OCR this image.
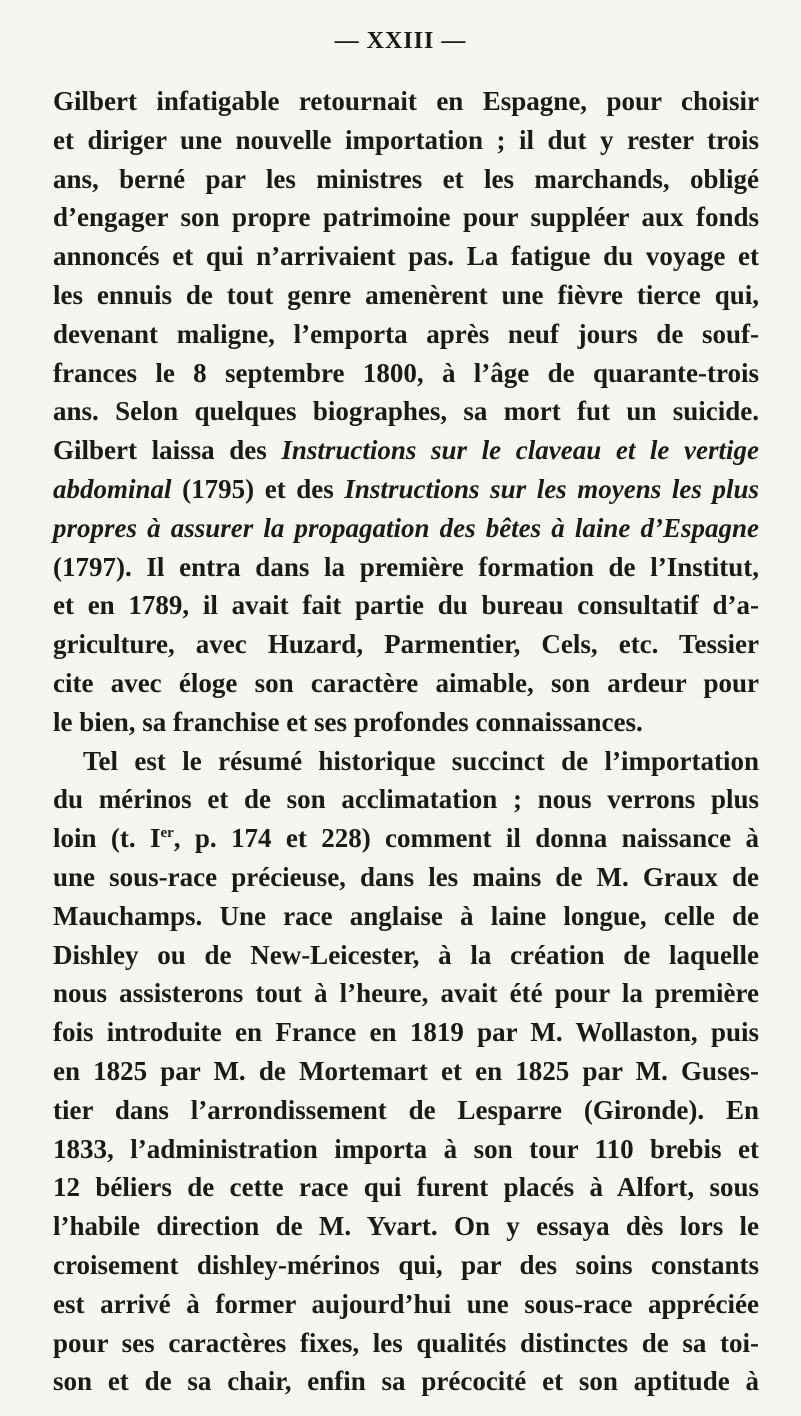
— XXIII —
Gilbert infatigable retournait en Espagne, pour choisir
et diriger une nouvelle importation ; il dut y rester trois
ans, berné par les ministres et les marchands, obligé
d’engager son propre patrimoine pour suppléer aux fonds
annoncés et qui n’arrivaient pas. La fatigue du voyage et
les ennuis de tout genre amenèrent une fièvre tierce qui,
devenant maligne, l’emporta après neuf jours de souf-
frances le 8 septembre 1800, à l’âge de quarante-trois
ans. Selon quelques biographes, sa mort fut un suicide.
Gilbert laissa des Instructions sur le claveau et le vertige
abdominal (1795) et des Instructions sur les moyens les plus
propres à assurer la propagation des bêtes à laine d’Espagne
(1797). Il entra dans la première formation de l’Institut,
et en 1789, il avait fait partie du bureau consultatif d’a-
griculture, avec Huzard, Parmentier, Cels, etc. Tessier
cite avec éloge son caractère aimable, son ardeur pour
le bien, sa franchise et ses profondes connaissances.
Tel est le résumé historique succinct de l’importation
du mérinos et de son acclimatation ; nous verrons plus
loin (t. Ier, p. 174 et 228) comment il donna naissance à
une sous-race précieuse, dans les mains de M. Graux de
Mauchamps. Une race anglaise à laine longue, celle de
Dishley ou de New-Leicester, à la création de laquelle
nous assisterons tout à l’heure, avait été pour la première
fois introduite en France en 1819 par M. Wollaston, puis
en 1825 par M. de Mortemart et en 1825 par M. Guses-
tier dans l’arrondissement de Lesparre (Gironde). En
1833, l’administration importa à son tour 110 brebis et
12 béliers de cette race qui furent placés à Alfort, sous
l’habile direction de M. Yvart. On y essaya dès lors le
croisement dishley-mérinos qui, par des soins constants
est arrivé à former aujourd’hui une sous-race appréciée
pour ses caractères fixes, les qualités distinctes de sa toi-
son et de sa chair, enfin sa précocité et son aptitude à
